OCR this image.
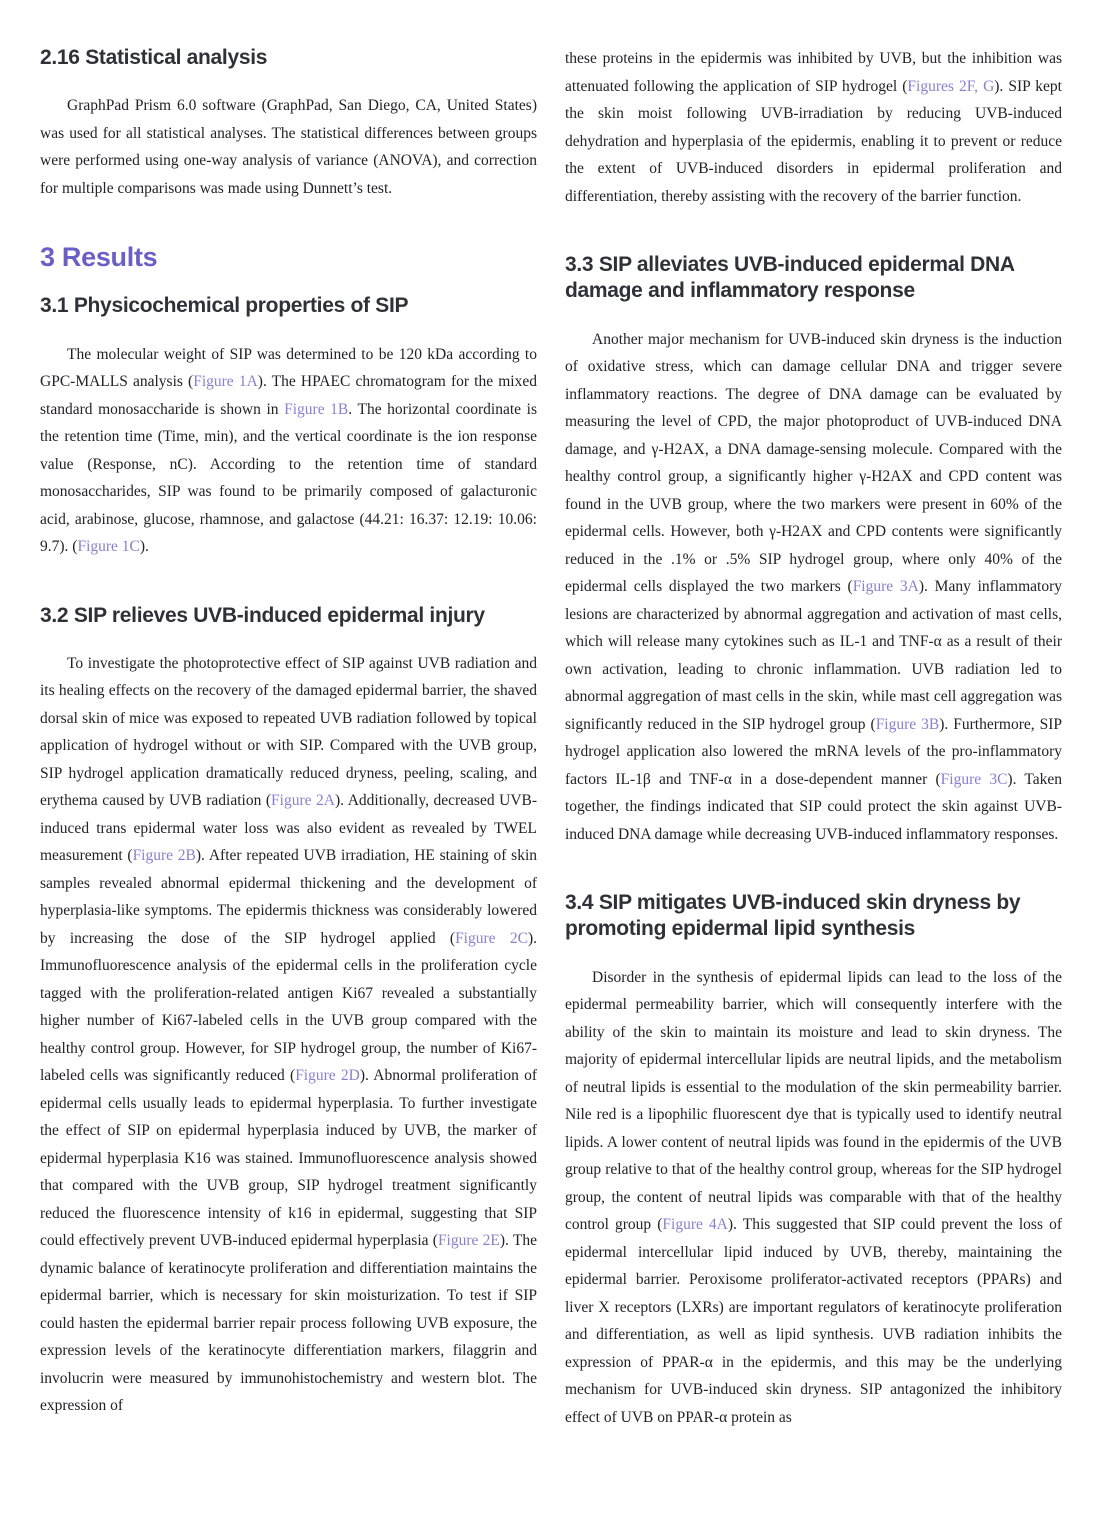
2.16 Statistical analysis

GraphPad Prism 6.0 software (GraphPad, San Diego, CA, United States) was used for all statistical analyses. The statistical differences between groups were performed using one-way analysis of variance (ANOVA), and correction for multiple comparisons was made using Dunnett’s test.

3 Results
3.1 Physicochemical properties of SIP

The molecular weight of SIP was determined to be 120 kDa according to GPC-MALLS analysis (Figure 1A). The HPAEC chromatogram for the mixed standard monosaccharide is shown in Figure 1B. The horizontal coordinate is the retention time (Time, min), and the vertical coordinate is the ion response value (Response, nC). According to the retention time of standard monosaccharides, SIP was found to be primarily composed of galacturonic acid, arabinose, glucose, rhamnose, and galactose (44.21: 16.37: 12.19: 10.06: 9.7). (Figure 1C).

3.2 SIP relieves UVB-induced epidermal injury

To investigate the photoprotective effect of SIP against UVB radiation and its healing effects on the recovery of the damaged epidermal barrier, the shaved dorsal skin of mice was exposed to repeated UVB radiation followed by topical application of hydrogel without or with SIP. Compared with the UVB group, SIP hydrogel application dramatically reduced dryness, peeling, scaling, and erythema caused by UVB radiation (Figure 2A). Additionally, decreased UVB-induced trans epidermal water loss was also evident as revealed by TWEL measurement (Figure 2B). After repeated UVB irradiation, HE staining of skin samples revealed abnormal epidermal thickening and the development of hyperplasia-like symptoms. The epidermis thickness was considerably lowered by increasing the dose of the SIP hydrogel applied (Figure 2C). Immunofluorescence analysis of the epidermal cells in the proliferation cycle tagged with the proliferation-related antigen Ki67 revealed a substantially higher number of Ki67-labeled cells in the UVB group compared with the healthy control group. However, for SIP hydrogel group, the number of Ki67-labeled cells was significantly reduced (Figure 2D). Abnormal proliferation of epidermal cells usually leads to epidermal hyperplasia. To further investigate the effect of SIP on epidermal hyperplasia induced by UVB, the marker of epidermal hyperplasia K16 was stained. Immunofluorescence analysis showed that compared with the UVB group, SIP hydrogel treatment significantly reduced the fluorescence intensity of k16 in epidermal, suggesting that SIP could effectively prevent UVB-induced epidermal hyperplasia (Figure 2E). The dynamic balance of keratinocyte proliferation and differentiation maintains the epidermal barrier, which is necessary for skin moisturization. To test if SIP could hasten the epidermal barrier repair process following UVB exposure, the expression levels of the keratinocyte differentiation markers, filaggrin and involucrin were measured by immunohistochemistry and western blot. The expression of

these proteins in the epidermis was inhibited by UVB, but the inhibition was attenuated following the application of SIP hydrogel (Figures 2F, G). SIP kept the skin moist following UVB-irradiation by reducing UVB-induced dehydration and hyperplasia of the epidermis, enabling it to prevent or reduce the extent of UVB-induced disorders in epidermal proliferation and differentiation, thereby assisting with the recovery of the barrier function.

3.3 SIP alleviates UVB-induced epidermal DNA damage and inflammatory response

Another major mechanism for UVB-induced skin dryness is the induction of oxidative stress, which can damage cellular DNA and trigger severe inflammatory reactions. The degree of DNA damage can be evaluated by measuring the level of CPD, the major photoproduct of UVB-induced DNA damage, and γ-H2AX, a DNA damage-sensing molecule. Compared with the healthy control group, a significantly higher γ-H2AX and CPD content was found in the UVB group, where the two markers were present in 60% of the epidermal cells. However, both γ-H2AX and CPD contents were significantly reduced in the .1% or .5% SIP hydrogel group, where only 40% of the epidermal cells displayed the two markers (Figure 3A). Many inflammatory lesions are characterized by abnormal aggregation and activation of mast cells, which will release many cytokines such as IL-1 and TNF-α as a result of their own activation, leading to chronic inflammation. UVB radiation led to abnormal aggregation of mast cells in the skin, while mast cell aggregation was significantly reduced in the SIP hydrogel group (Figure 3B). Furthermore, SIP hydrogel application also lowered the mRNA levels of the pro-inflammatory factors IL-1β and TNF-α in a dose-dependent manner (Figure 3C). Taken together, the findings indicated that SIP could protect the skin against UVB-induced DNA damage while decreasing UVB-induced inflammatory responses.

3.4 SIP mitigates UVB-induced skin dryness by promoting epidermal lipid synthesis

Disorder in the synthesis of epidermal lipids can lead to the loss of the epidermal permeability barrier, which will consequently interfere with the ability of the skin to maintain its moisture and lead to skin dryness. The majority of epidermal intercellular lipids are neutral lipids, and the metabolism of neutral lipids is essential to the modulation of the skin permeability barrier. Nile red is a lipophilic fluorescent dye that is typically used to identify neutral lipids. A lower content of neutral lipids was found in the epidermis of the UVB group relative to that of the healthy control group, whereas for the SIP hydrogel group, the content of neutral lipids was comparable with that of the healthy control group (Figure 4A). This suggested that SIP could prevent the loss of epidermal intercellular lipid induced by UVB, thereby, maintaining the epidermal barrier. Peroxisome proliferator-activated receptors (PPARs) and liver X receptors (LXRs) are important regulators of keratinocyte proliferation and differentiation, as well as lipid synthesis. UVB radiation inhibits the expression of PPAR-α in the epidermis, and this may be the underlying mechanism for UVB-induced skin dryness. SIP antagonized the inhibitory effect of UVB on PPAR-α protein as
